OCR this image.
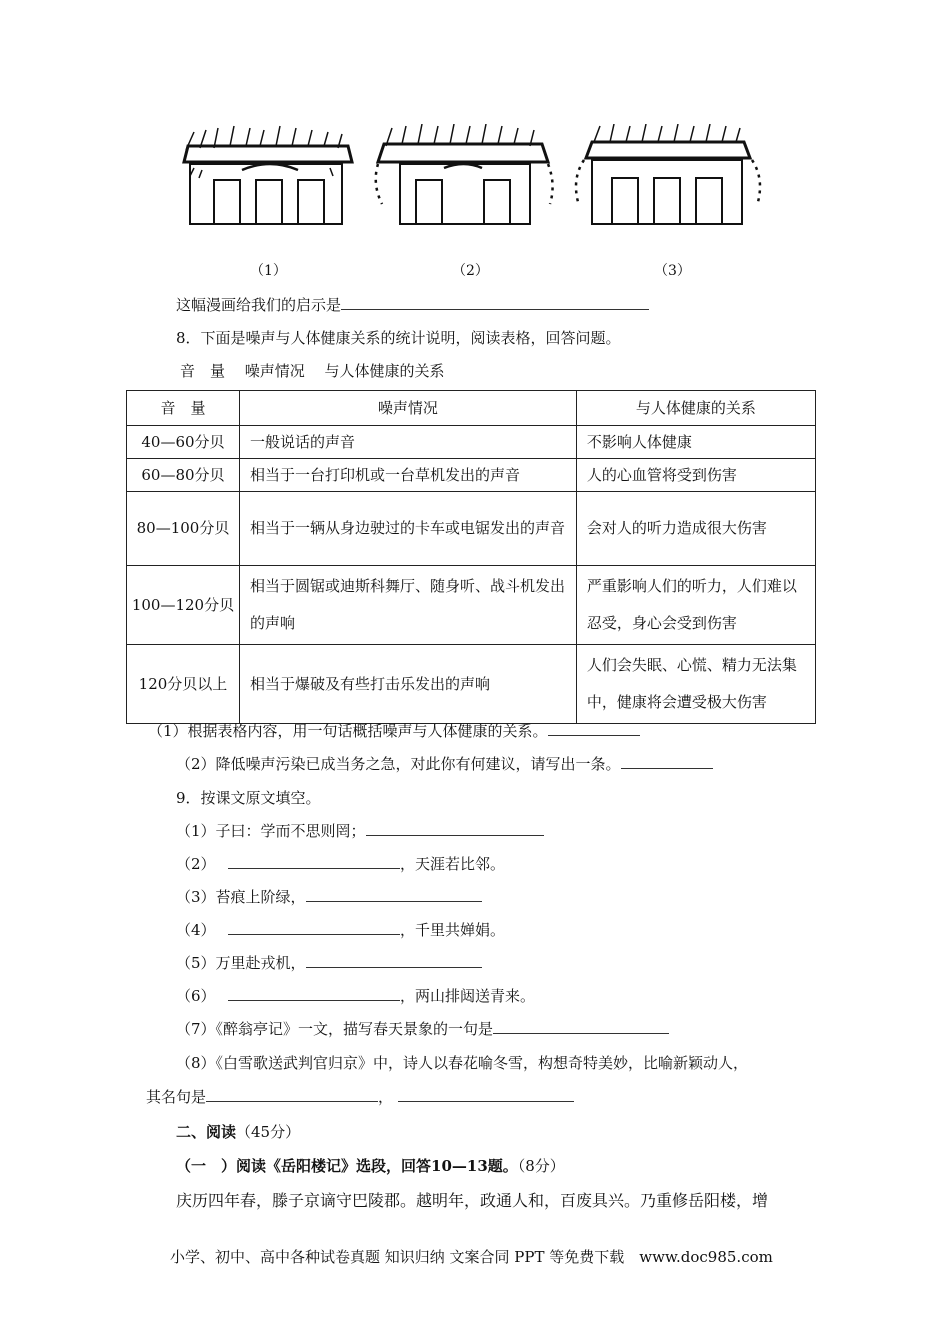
（1）	（2）	（3）
这幅漫画给我们的启示是
8．下面是噪声与人体健康关系的统计说明，阅读表格，回答问题。
音　量　 噪声情况　 与人体健康的关系
音　量	噪声情况	与人体健康的关系
40—60分贝	一般说话的声音	不影响人体健康
60—80分贝	相当于一台打印机或一台草机发出的声音	人的心血管将受到伤害
80—100分贝	相当于一辆从身边驶过的卡车或电锯发出的声音	会对人的听力造成很大伤害
100—120分贝	相当于圆锯或迪斯科舞厅、随身听、战斗机发出的声响	严重影响人们的听力，人们难以忍受，身心会受到伤害
120分贝以上	相当于爆破及有些打击乐发出的声响	人们会失眠、心慌、精力无法集中，健康将会遭受极大伤害
（1）根据表格内容，用一句话概括噪声与人体健康的关系。
（2）降低噪声污染已成当务之急，对此你有何建议，请写出一条。
9．按课文原文填空。
（1）子曰：学而不思则罔；
（2）	，天涯若比邻。
（3）苔痕上阶绿，
（4）	，千里共婵娟。
（5）万里赴戎机，
（6）	，两山排闼送青来。
（7）《醉翁亭记》一文，描写春天景象的一句是
（8）《白雪歌送武判官归京》中，诗人以春花喻冬雪，构想奇特美妙，比喻新颖动人，
其名句是	，
二、阅读（45分）
（一　）阅读《岳阳楼记》选段，回答10—13题。（8分）
庆历四年春，滕子京谪守巴陵郡。越明年，政通人和，百废具兴。乃重修岳阳楼，增
小学、初中、高中各种试卷真题 知识归纳 文案合同 PPT 等免费下载　www.doc985.com
